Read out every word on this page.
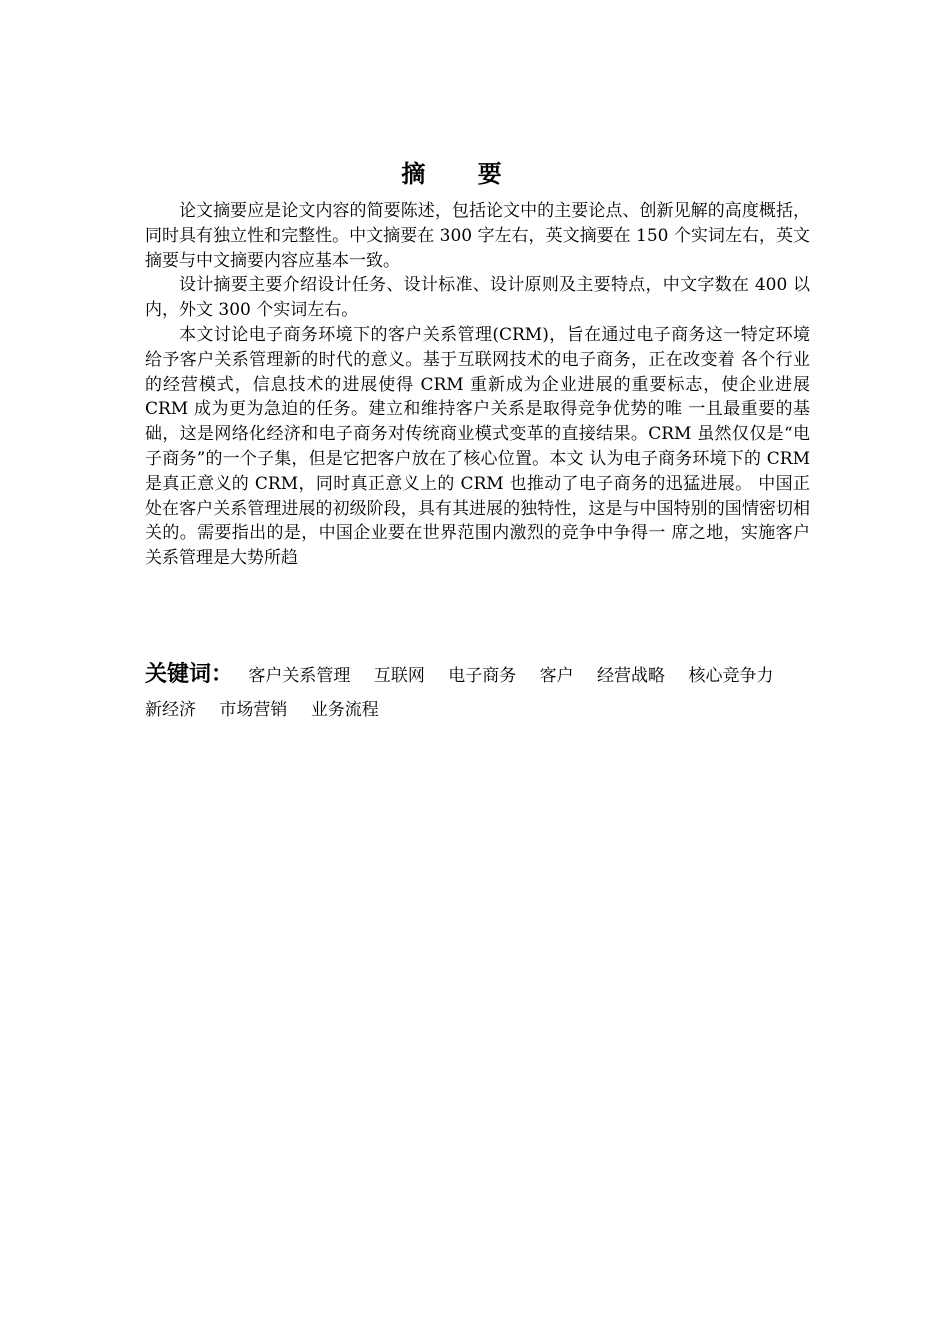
摘 要

论文摘要应是论文内容的简要陈述，包括论文中的主要论点、创新见解的高度概括，同时具有独立性和完整性。中文摘要在 300 字左右，英文摘要在 150 个实词左右，英文摘要与中文摘要内容应基本一致。

设计摘要主要介绍设计任务、设计标准、设计原则及主要特点，中文字数在 400 以内，外文 300 个实词左右。

本文讨论电子商务环境下的客户关系管理(CRM)，旨在通过电子商务这一特定环境给予客户关系管理新的时代的意义。基于互联网技术的电子商务，正在改变着 各个行业的经营模式，信息技术的进展使得 CRM 重新成为企业进展的重要标志，使企业进展 CRM 成为更为急迫的任务。建立和维持客户关系是取得竞争优势的唯 一且最重要的基础，这是网络化经济和电子商务对传统商业模式变革的直接结果。CRM 虽然仅仅是“电子商务”的一个子集，但是它把客户放在了核心位置。本文 认为电子商务环境下的 CRM 是真正意义的 CRM，同时真正意义上的 CRM 也推动了电子商务的迅猛进展。 中国正处在客户关系管理进展的初级阶段，具有其进展的独特性，这是与中国特别的国情密切相关的。需要指出的是，中国企业要在世界范围内激烈的竞争中争得一 席之地，实施客户关系管理是大势所趋

关键词： 客户关系管理 互联网 电子商务 客户 经营战略 核心竞争力 新经济 市场营销 业务流程
